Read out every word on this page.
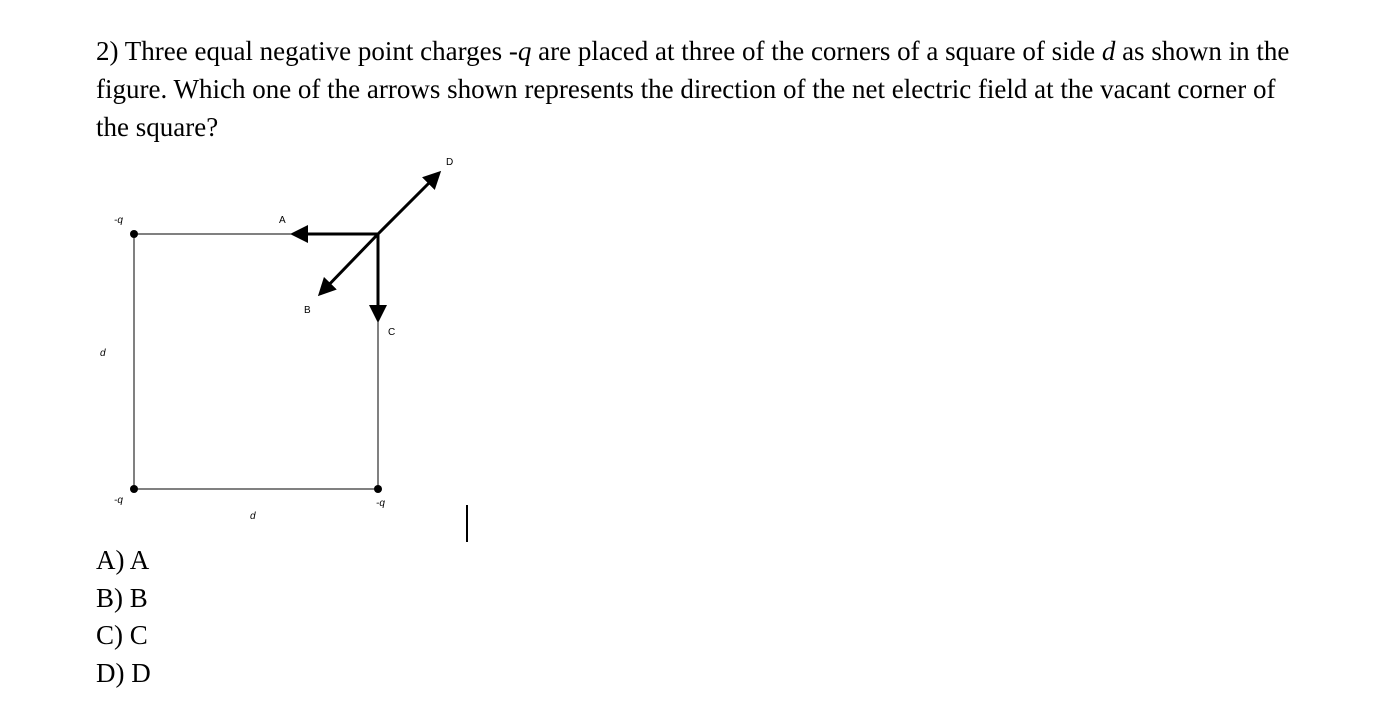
2) Three equal negative point charges -q are placed at three of the corners of a square of side d as shown in the figure. Which one of the arrows shown represents the direction of the net electric field at the vacant corner of the square?
-q
-q	-q
d
d
A
B
C
D
A) A
B) B
C) C
D) D
